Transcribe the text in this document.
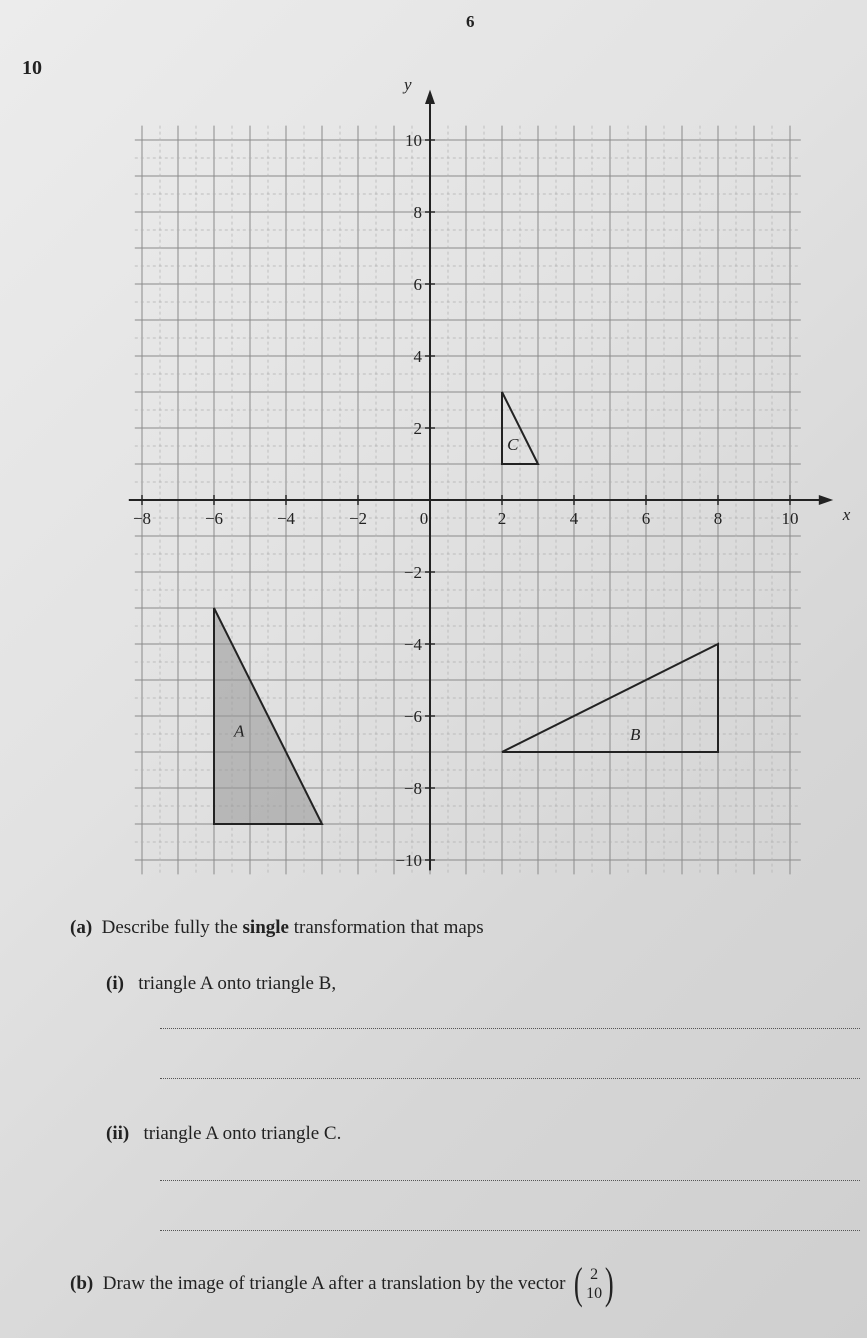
6
10
−8	−6	−4	−2	0	2	4	6	8	10
10
8
6
4
2
−2
−4
−6
−8
−10
x
y
A	B
C
(a) Describe fully the single transformation that maps
(i) triangle A onto triangle B,
(ii) triangle A onto triangle C.
(b)
Draw the image of triangle A after a translation by the vector ( 2
10 )
